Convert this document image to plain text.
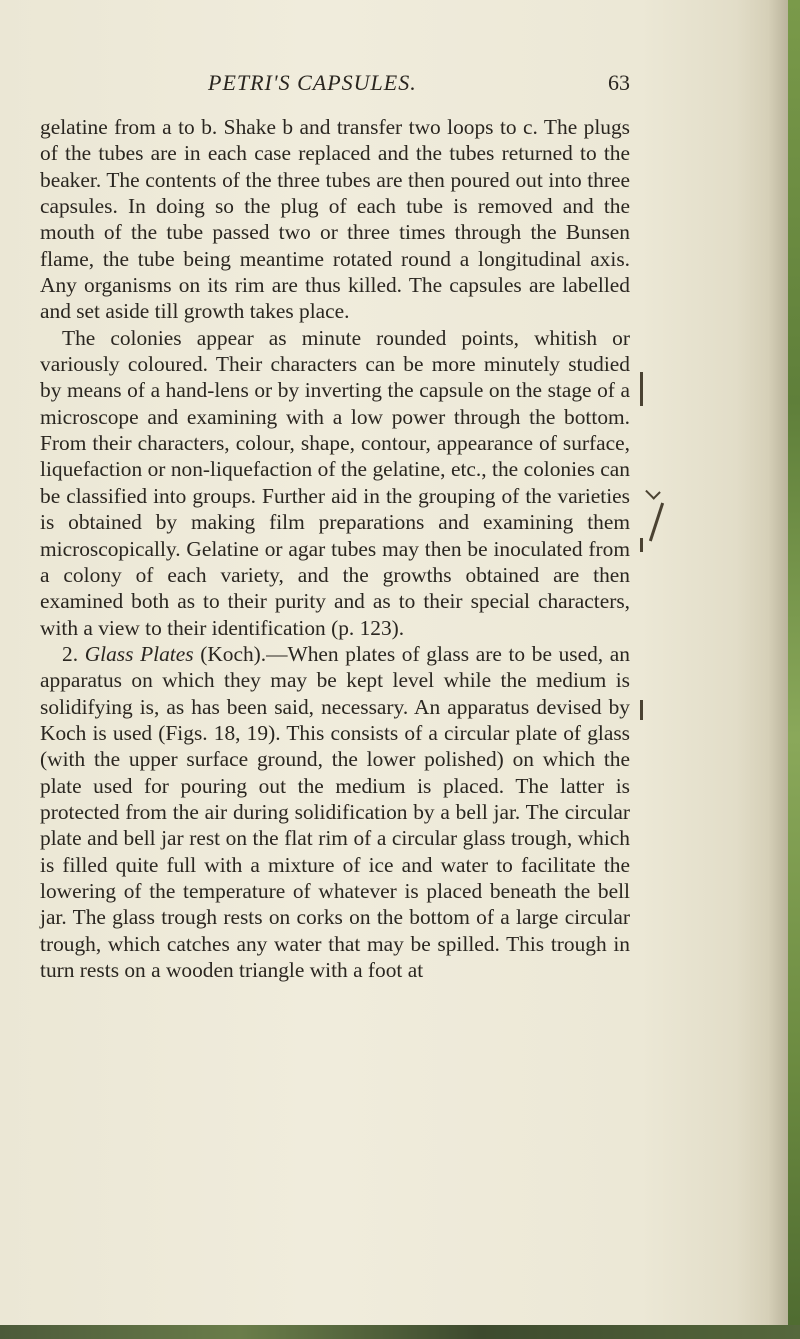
PETRI'S CAPSULES.	63

gelatine from a to b. Shake b and transfer two loops to c. The plugs of the tubes are in each case replaced and the tubes returned to the beaker. The contents of the three tubes are then poured out into three capsules. In doing so the plug of each tube is removed and the mouth of the tube passed two or three times through the Bunsen flame, the tube being meantime rotated round a longitudinal axis. Any organisms on its rim are thus killed. The capsules are labelled and set aside till growth takes place.

The colonies appear as minute rounded points, whitish or variously coloured. Their characters can be more minutely studied by means of a hand-lens or by inverting the capsule on the stage of a microscope and examining with a low power through the bottom. From their characters, colour, shape, contour, appearance of surface, liquefaction or non-liquefaction of the gelatine, etc., the colonies can be classified into groups. Further aid in the grouping of the varieties is obtained by making film preparations and examining them microscopically. Gelatine or agar tubes may then be inoculated from a colony of each variety, and the growths obtained are then examined both as to their purity and as to their special characters, with a view to their identification (p. 123).

2. Glass Plates (Koch).—When plates of glass are to be used, an apparatus on which they may be kept level while the medium is solidifying is, as has been said, necessary. An apparatus devised by Koch is used (Figs. 18, 19). This consists of a circular plate of glass (with the upper surface ground, the lower polished) on which the plate used for pouring out the medium is placed. The latter is protected from the air during solidification by a bell jar. The circular plate and bell jar rest on the flat rim of a circular glass trough, which is filled quite full with a mixture of ice and water to facilitate the lowering of the temperature of whatever is placed beneath the bell jar. The glass trough rests on corks on the bottom of a large circular trough, which catches any water that may be spilled. This trough in turn rests on a wooden triangle with a foot at
